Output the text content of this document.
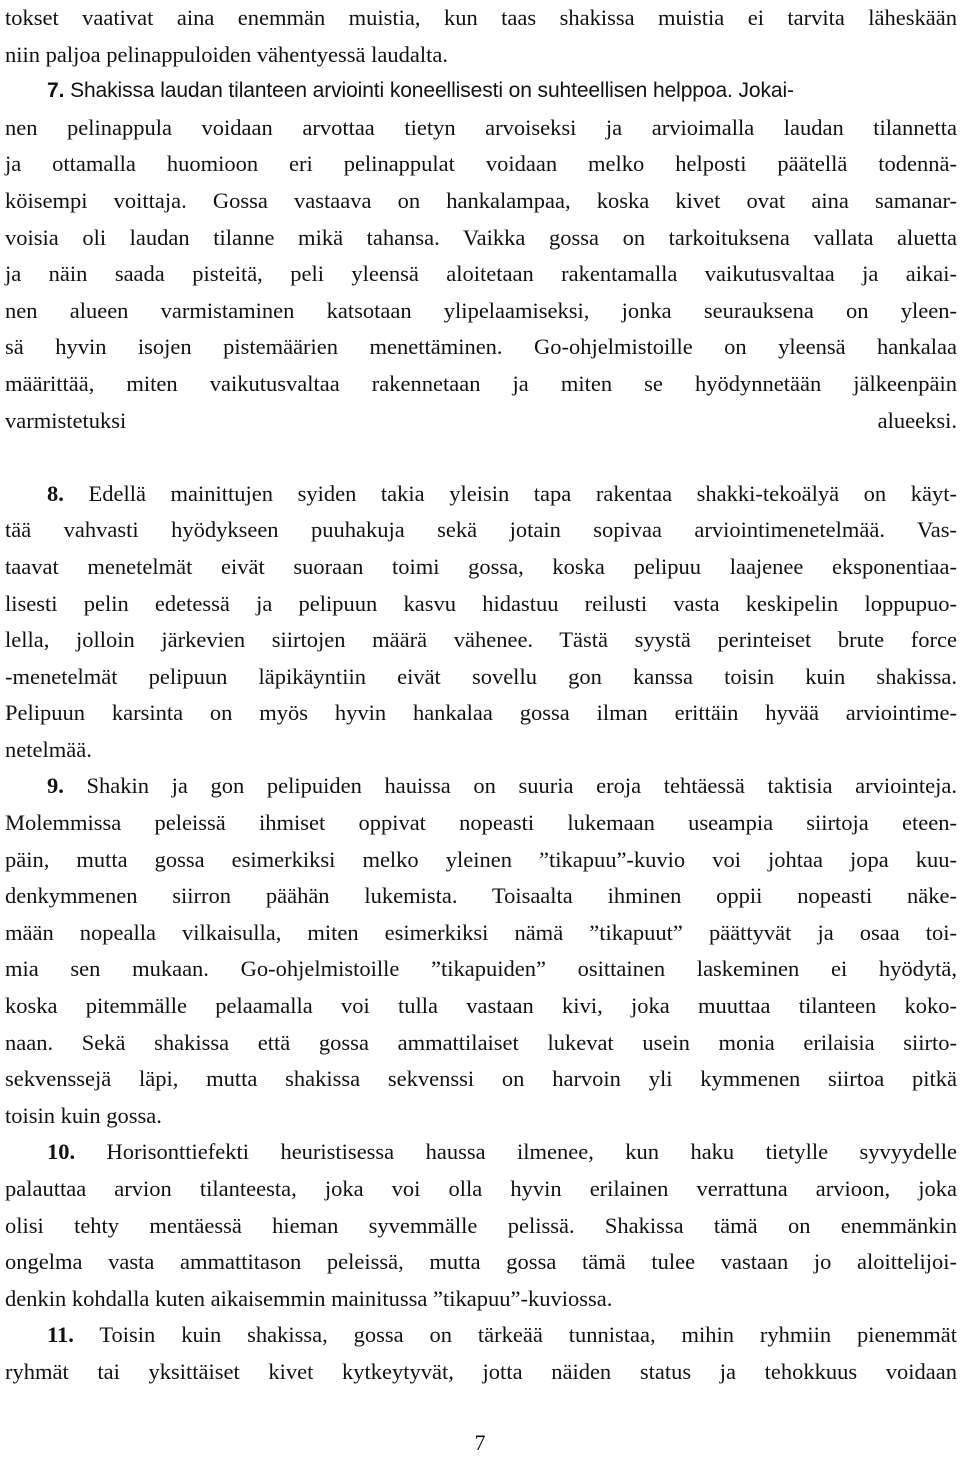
tokset vaativat aina enemmän muistia, kun taas shakissa muistia ei tarvita läheskään
niin paljoa pelinappuloiden vähentyessä laudalta.
7. Shakissa laudan tilanteen arviointi koneellisesti on suhteellisen helppoa. Jokai-
nen pelinappula voidaan arvottaa tietyn arvoiseksi ja arvioimalla laudan tilannetta
ja ottamalla huomioon eri pelinappulat voidaan melko helposti päätellä todennä-
köisempi voittaja. Gossa vastaava on hankalampaa, koska kivet ovat aina samanar-
voisia oli laudan tilanne mikä tahansa. Vaikka gossa on tarkoituksena vallata aluetta
ja näin saada pisteitä, peli yleensä aloitetaan rakentamalla vaikutusvaltaa ja aikai-
nen alueen varmistaminen katsotaan ylipelaamiseksi, jonka seurauksena on yleen-
sä hyvin isojen pistemäärien menettäminen. Go-ohjelmistoille on yleensä hankalaa
määrittää, miten vaikutusvaltaa rakennetaan ja miten se hyödynnetään jälkeenpäin
varmistetuksi alueeksi.
8. Edellä mainittujen syiden takia yleisin tapa rakentaa shakki-tekoälyä on käyt-
tää vahvasti hyödykseen puuhakuja sekä jotain sopivaa arviointimenetelmää. Vas-
taavat menetelmät eivät suoraan toimi gossa, koska pelipuu laajenee eksponentiaa-
lisesti pelin edetessä ja pelipuun kasvu hidastuu reilusti vasta keskipelin loppupuo-
lella, jolloin järkevien siirtojen määrä vähenee. Tästä syystä perinteiset brute force
-menetelmät pelipuun läpikäyntiin eivät sovellu gon kanssa toisin kuin shakissa.
Pelipuun karsinta on myös hyvin hankalaa gossa ilman erittäin hyvää arviointime-
netelmää.
9. Shakin ja gon pelipuiden hauissa on suuria eroja tehtäessä taktisia arviointeja.
Molemmissa peleissä ihmiset oppivat nopeasti lukemaan useampia siirtoja eteen-
päin, mutta gossa esimerkiksi melko yleinen ”tikapuu”-kuvio voi johtaa jopa kuu-
denkymmenen siirron päähän lukemista. Toisaalta ihminen oppii nopeasti näke-
mään nopealla vilkaisulla, miten esimerkiksi nämä ”tikapuut” päättyvät ja osaa toi-
mia sen mukaan. Go-ohjelmistoille ”tikapuiden” osittainen laskeminen ei hyödytä,
koska pitemmälle pelaamalla voi tulla vastaan kivi, joka muuttaa tilanteen koko-
naan. Sekä shakissa että gossa ammattilaiset lukevat usein monia erilaisia siirto-
sekvenssejä läpi, mutta shakissa sekvenssi on harvoin yli kymmenen siirtoa pitkä
toisin kuin gossa.
10. Horisonttiefekti heuristisessa haussa ilmenee, kun haku tietylle syvyydelle
palauttaa arvion tilanteesta, joka voi olla hyvin erilainen verrattuna arvioon, joka
olisi tehty mentäessä hieman syvemmälle pelissä. Shakissa tämä on enemmänkin
ongelma vasta ammattitason peleissä, mutta gossa tämä tulee vastaan jo aloittelijoi-
denkin kohdalla kuten aikaisemmin mainitussa ”tikapuu”-kuviossa.
11. Toisin kuin shakissa, gossa on tärkeää tunnistaa, mihin ryhmiin pienemmät
ryhmät tai yksittäiset kivet kytkeytyvät, jotta näiden status ja tehokkuus voidaan
7
